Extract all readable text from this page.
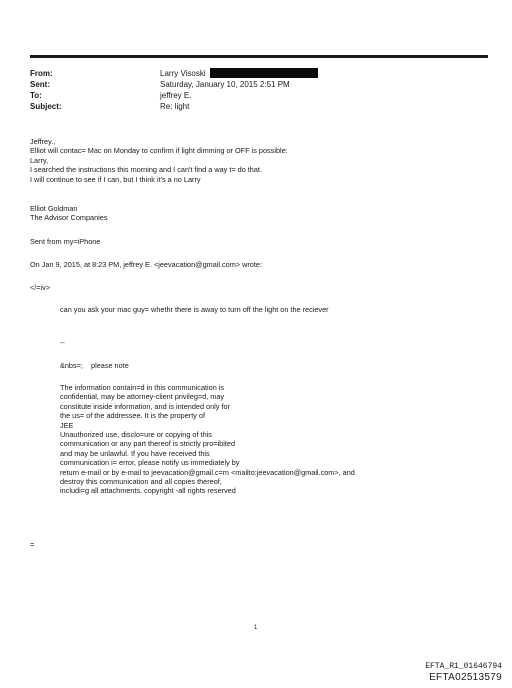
From:	Larry Visoski
Sent:	Saturday, January 10, 2015 2:51 PM
To:	jeffrey E.
Subject:	Re: light

Jeffrey.,

Elliot will contac= Mac on Monday to confirm if light dimming or OFF is possible:

Larry,

I searched the instructions this morning and I can't find a way t= do that.

I will continue to see if I can, but I think it's a no Larry

Elliot Goldman

The Advisor Companies

Sent from my=iPhone
On Jan 9, 2015, at 8:23 PM, jeffrey E. <jeevacation@gmail.com> wrote:
</=iv>
can you ask your mac guy= whethr there is away to turn off the light on the reciever
--
&nbs=;    please note

The information contain=d in this communication is

confidential, may be attorney-client privileg=d, may

constitute inside information, and is intended only for

the us= of the addressee. It is the property of

JEE

Unauthorized use, disclo=ure or copying of this

communication or any part thereof is strictly pro=ibited

and may be unlawful. If you have received this

communication i= error, please notify us immediately by

return e-mail or by e-mail to jeevacation@gmail.c=m <mailto:jeevacation@gmail.com>, and

destroy this communication and all copies thereof,

includi=g all attachments. copyright -all rights reserved

=
1
EFTA_R1_01646794
EFTA02513579
